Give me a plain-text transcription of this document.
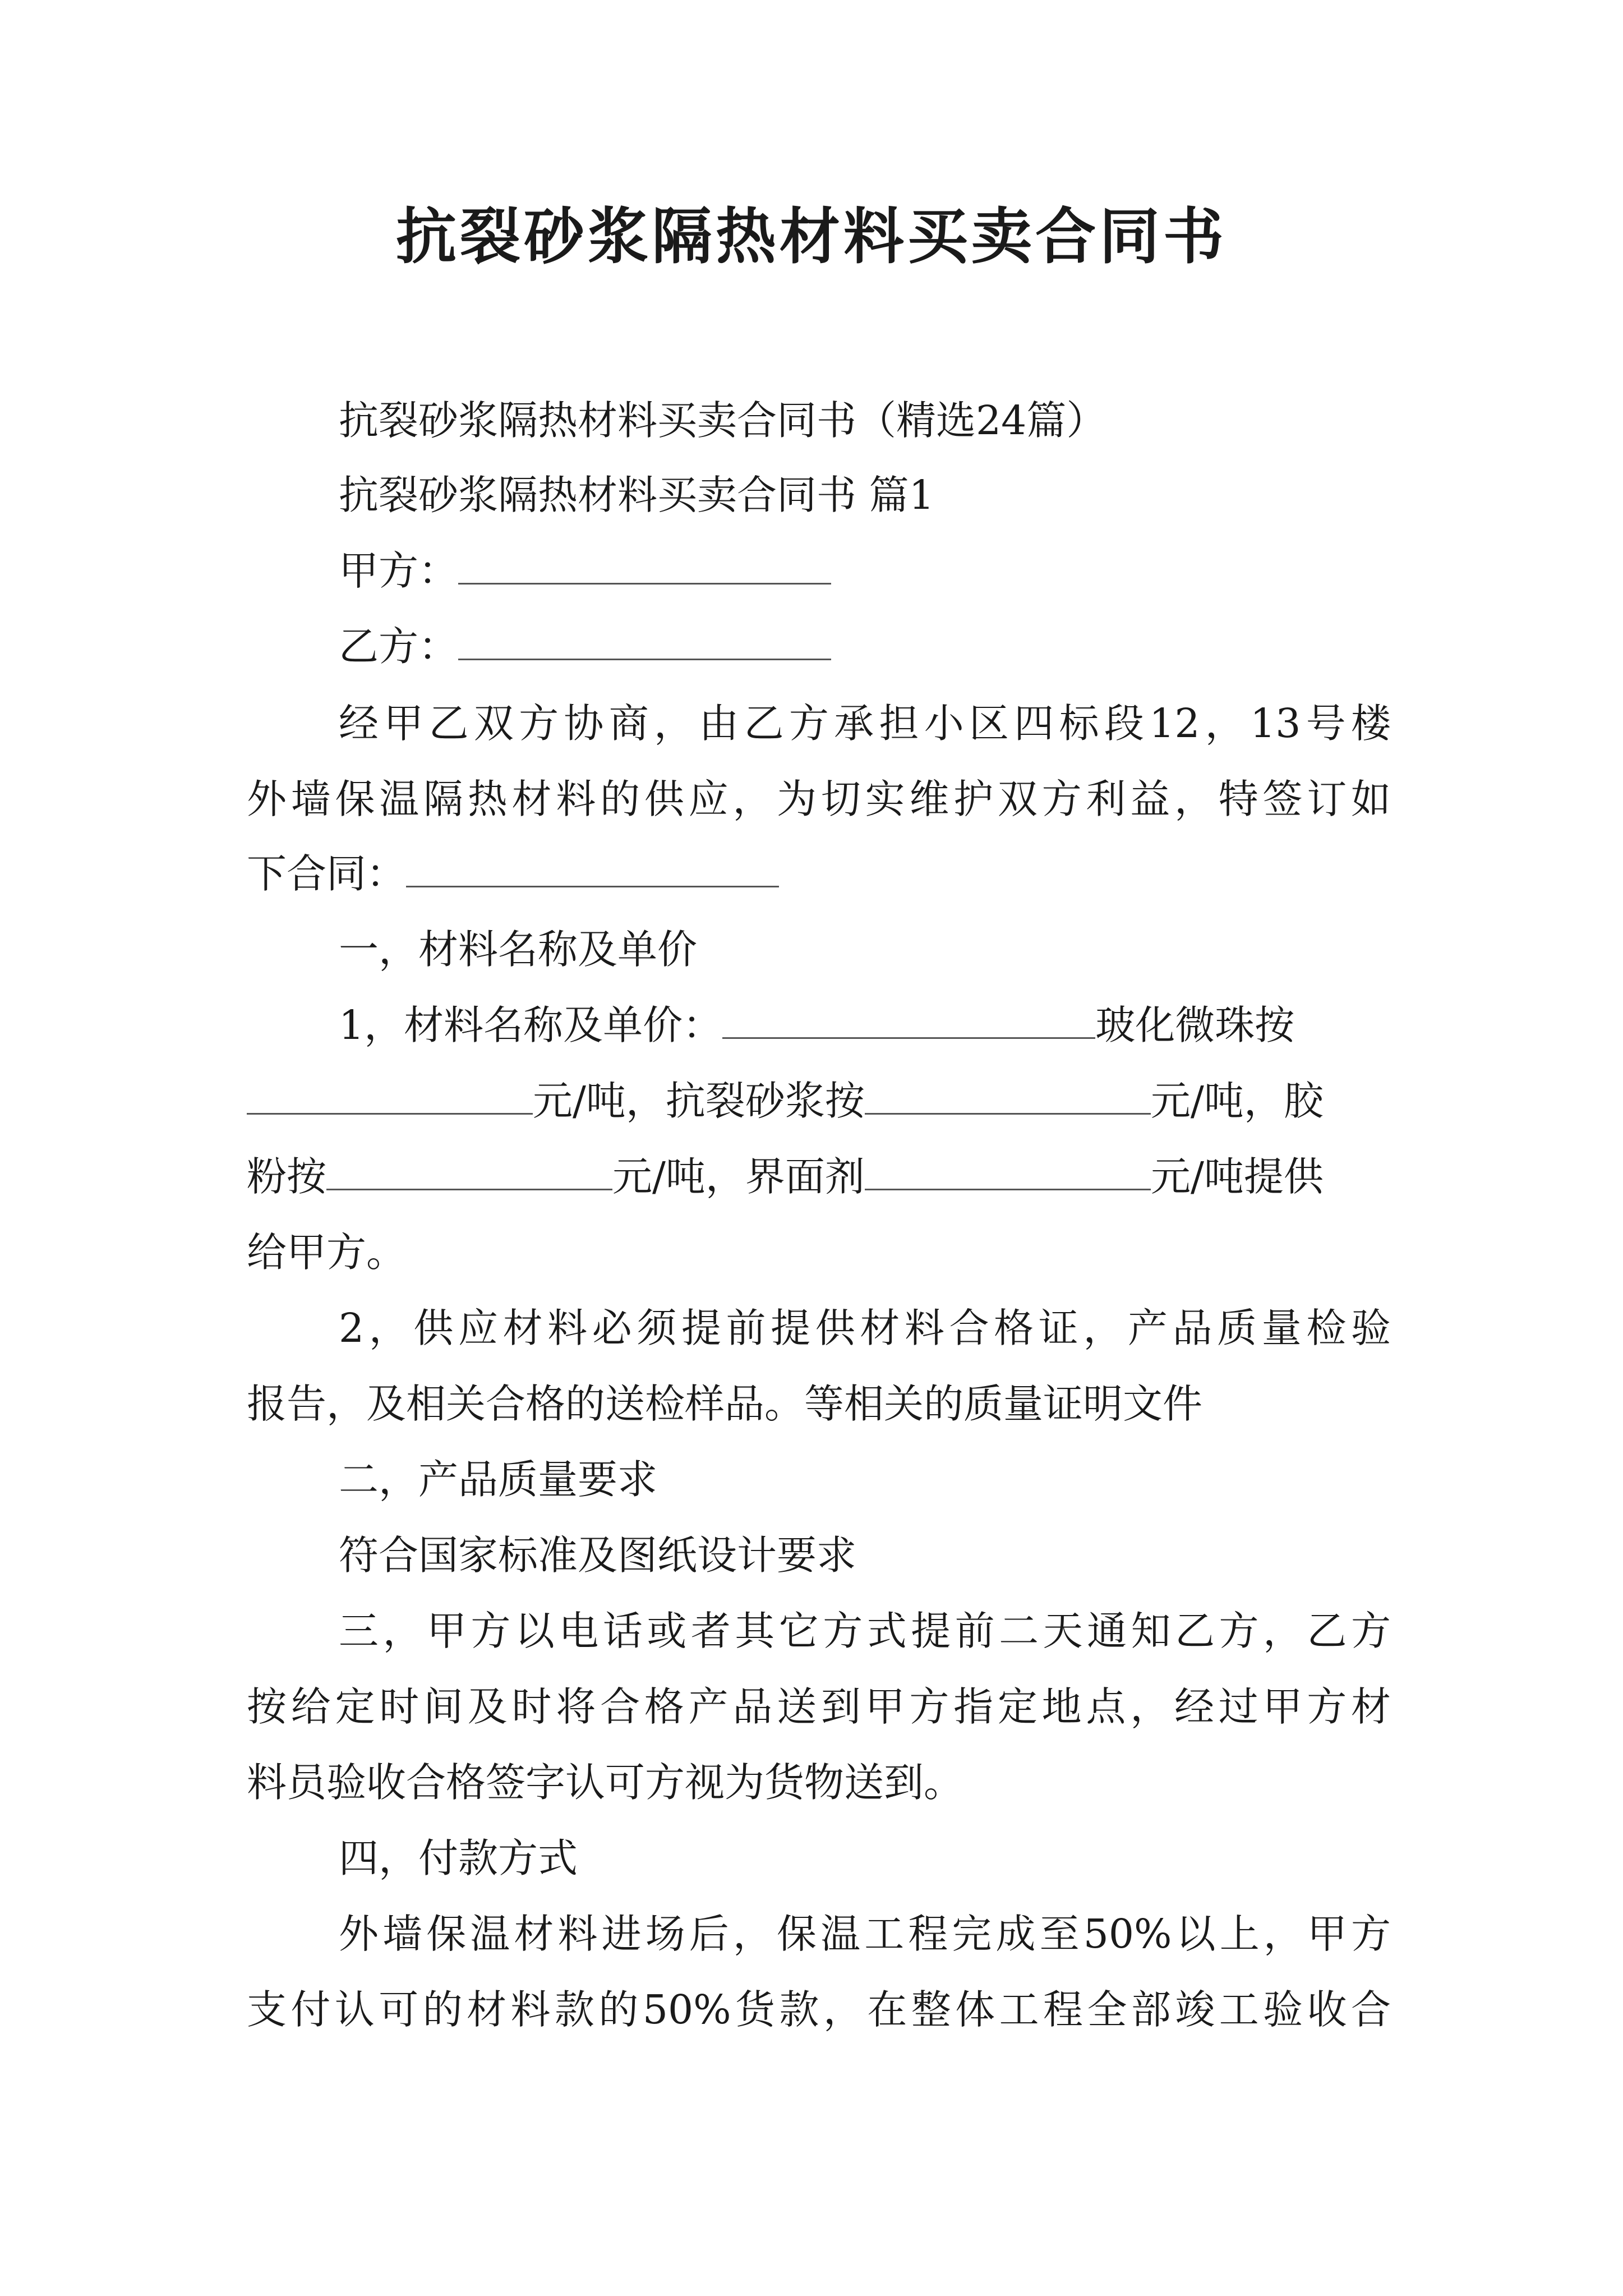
抗裂砂浆隔热材料买卖合同书
抗裂砂浆隔热材料买卖合同书（精选24篇）
抗裂砂浆隔热材料买卖合同书 篇1
甲方：
乙方：
经甲乙双方协商，由乙方承担小区四标段12，13号楼
外墙保温隔热材料的供应，为切实维护双方利益，特签订如
下合同：
一，材料名称及单价
1，材料名称及单价：	玻化微珠按
元/吨，抗裂砂浆按	元/吨，胶
粉按	元/吨，界面剂	元/吨提供
给甲方。
2，供应材料必须提前提供材料合格证，产品质量检验
报告，及相关合格的送检样品。等相关的质量证明文件
二，产品质量要求
符合国家标准及图纸设计要求
三，甲方以电话或者其它方式提前二天通知乙方，乙方
按给定时间及时将合格产品送到甲方指定地点，经过甲方材
料员验收合格签字认可方视为货物送到。
四，付款方式
外墙保温材料进场后，保温工程完成至50%以上，甲方
支付认可的材料款的50%货款，在整体工程全部竣工验收合
